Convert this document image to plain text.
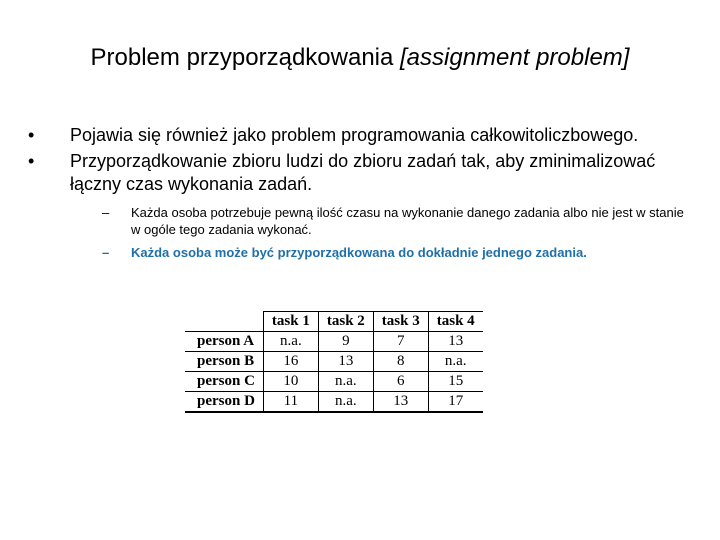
Problem przyporządkowania [assignment problem]
• Pojawia się również jako problem programowania całkowitoliczbowego.
• Przyporządkowanie zbioru ludzi do zbioru zadań tak, aby zminimalizować łączny czas wykonania zadań.
– Każda osoba potrzebuje pewną ilość czasu na wykonanie danego zadania albo nie jest w stanie w ogóle tego zadania wykonać.
– Każda osoba może być przyporządkowana do dokładnie jednego zadania.
	task 1	task 2	task 3	task 4
person A	n.a.	9	7	13
person B	16	13	8	n.a.
person C	10	n.a.	6	15
person D	11	n.a.	13	17
